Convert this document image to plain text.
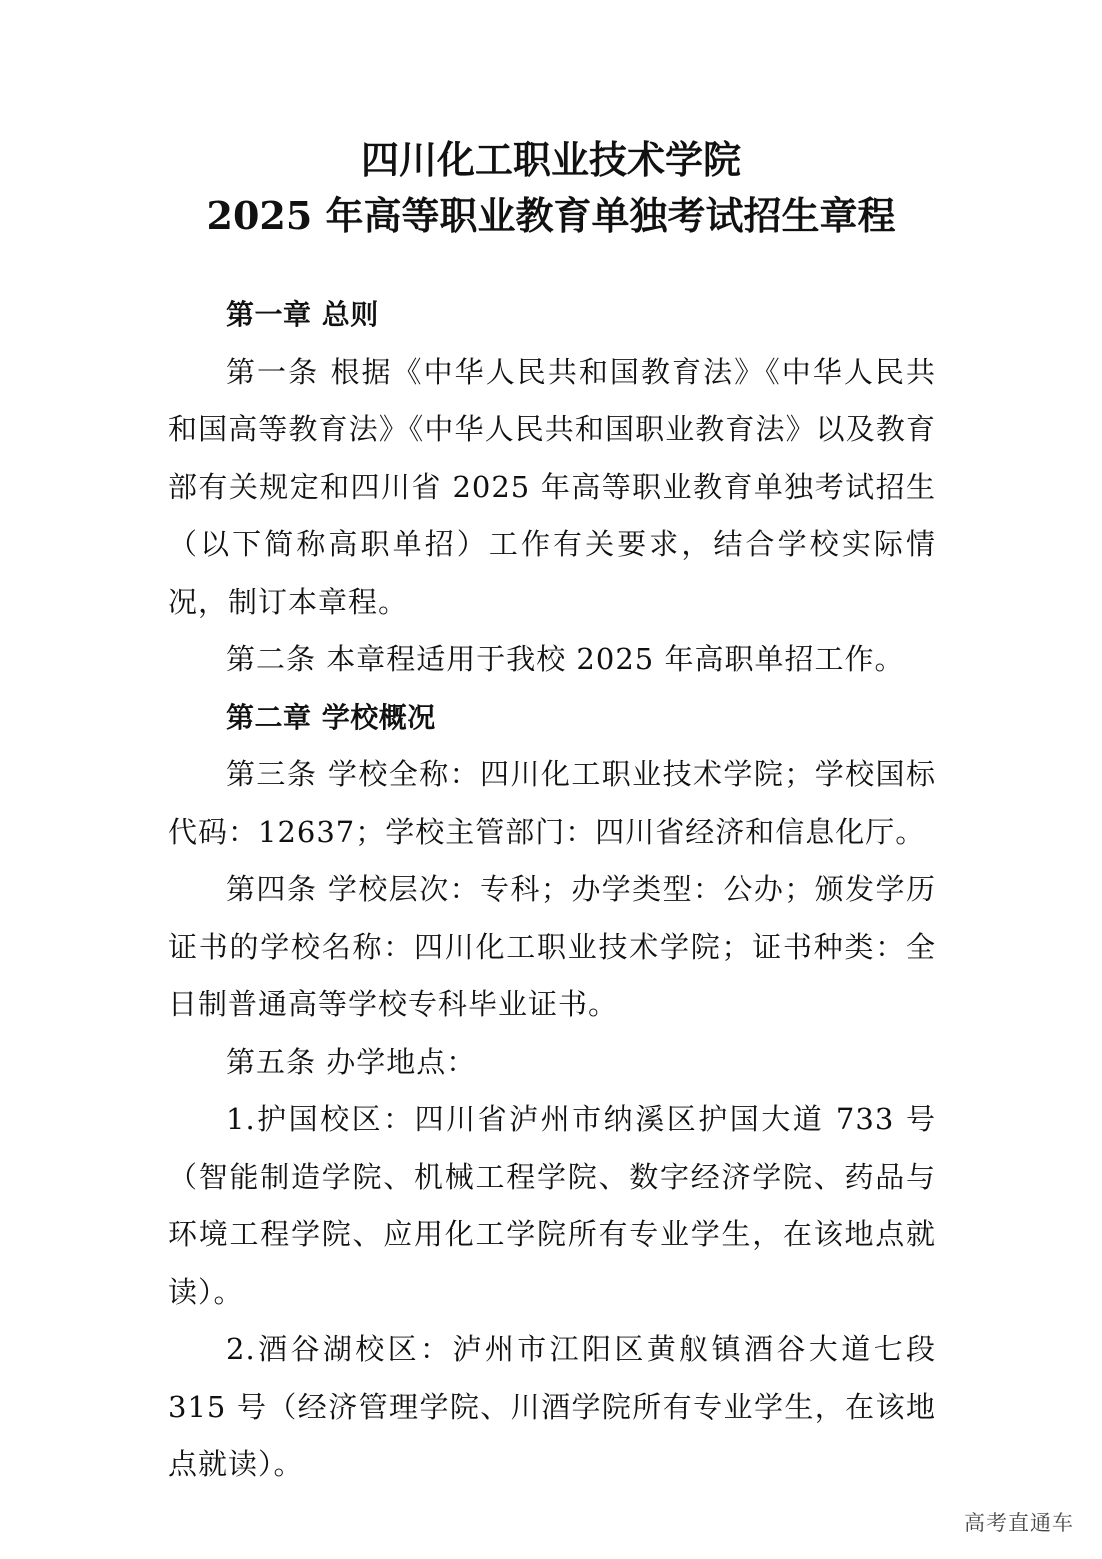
四川化工职业技术学院
2025 年高等职业教育单独考试招生章程

第一章 总则

第一条 根据《中华人民共和国教育法》《中华人民共和国高等教育法》《中华人民共和国职业教育法》以及教育部有关规定和四川省 2025 年高等职业教育单独考试招生（以下简称高职单招）工作有关要求，结合学校实际情况，制订本章程。

第二条 本章程适用于我校 2025 年高职单招工作。

第二章 学校概况

第三条 学校全称：四川化工职业技术学院；学校国标代码：12637；学校主管部门：四川省经济和信息化厅。

第四条 学校层次：专科；办学类型：公办；颁发学历证书的学校名称：四川化工职业技术学院；证书种类：全日制普通高等学校专科毕业证书。

第五条 办学地点：

1.护国校区：四川省泸州市纳溪区护国大道 733 号（智能制造学院、机械工程学院、数字经济学院、药品与环境工程学院、应用化工学院所有专业学生，在该地点就读）。

2.酒谷湖校区：泸州市江阳区黄舣镇酒谷大道七段 315 号（经济管理学院、川酒学院所有专业学生，在该地点就读）。

高考直通车
